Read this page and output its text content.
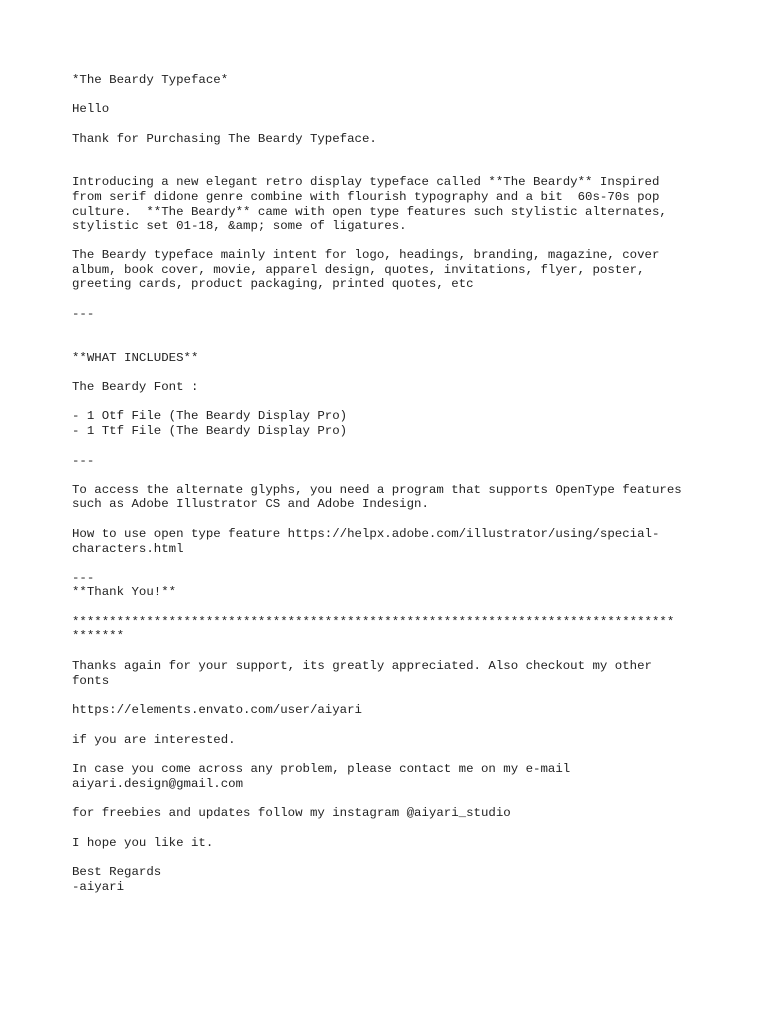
*The Beardy Typeface*

Hello

Thank for Purchasing The Beardy Typeface.

Introducing a new elegant retro display typeface called **The Beardy** Inspired

from serif didone genre combine with flourish typography and a bit  60s-70s pop

culture.  **The Beardy** came with open type features such stylistic alternates,

stylistic set 01-18, &amp; some of ligatures.

The Beardy typeface mainly intent for logo, headings, branding, magazine, cover

album, book cover, movie, apparel design, quotes, invitations, flyer, poster,

greeting cards, product packaging, printed quotes, etc

---

**WHAT INCLUDES**

The Beardy Font :

- 1 Otf File (The Beardy Display Pro)

- 1 Ttf File (The Beardy Display Pro)

---

To access the alternate glyphs, you need a program that supports OpenType features

such as Adobe Illustrator CS and Adobe Indesign.

How to use open type feature https://helpx.adobe.com/illustrator/using/special-

characters.html

---

**Thank You!**

*********************************************************************************

*******

Thanks again for your support, its greatly appreciated. Also checkout my other

fonts

https://elements.envato.com/user/aiyari

if you are interested.

In case you come across any problem, please contact me on my e-mail

aiyari.design@gmail.com

for freebies and updates follow my instagram @aiyari_studio

I hope you like it.

Best Regards

-aiyari
